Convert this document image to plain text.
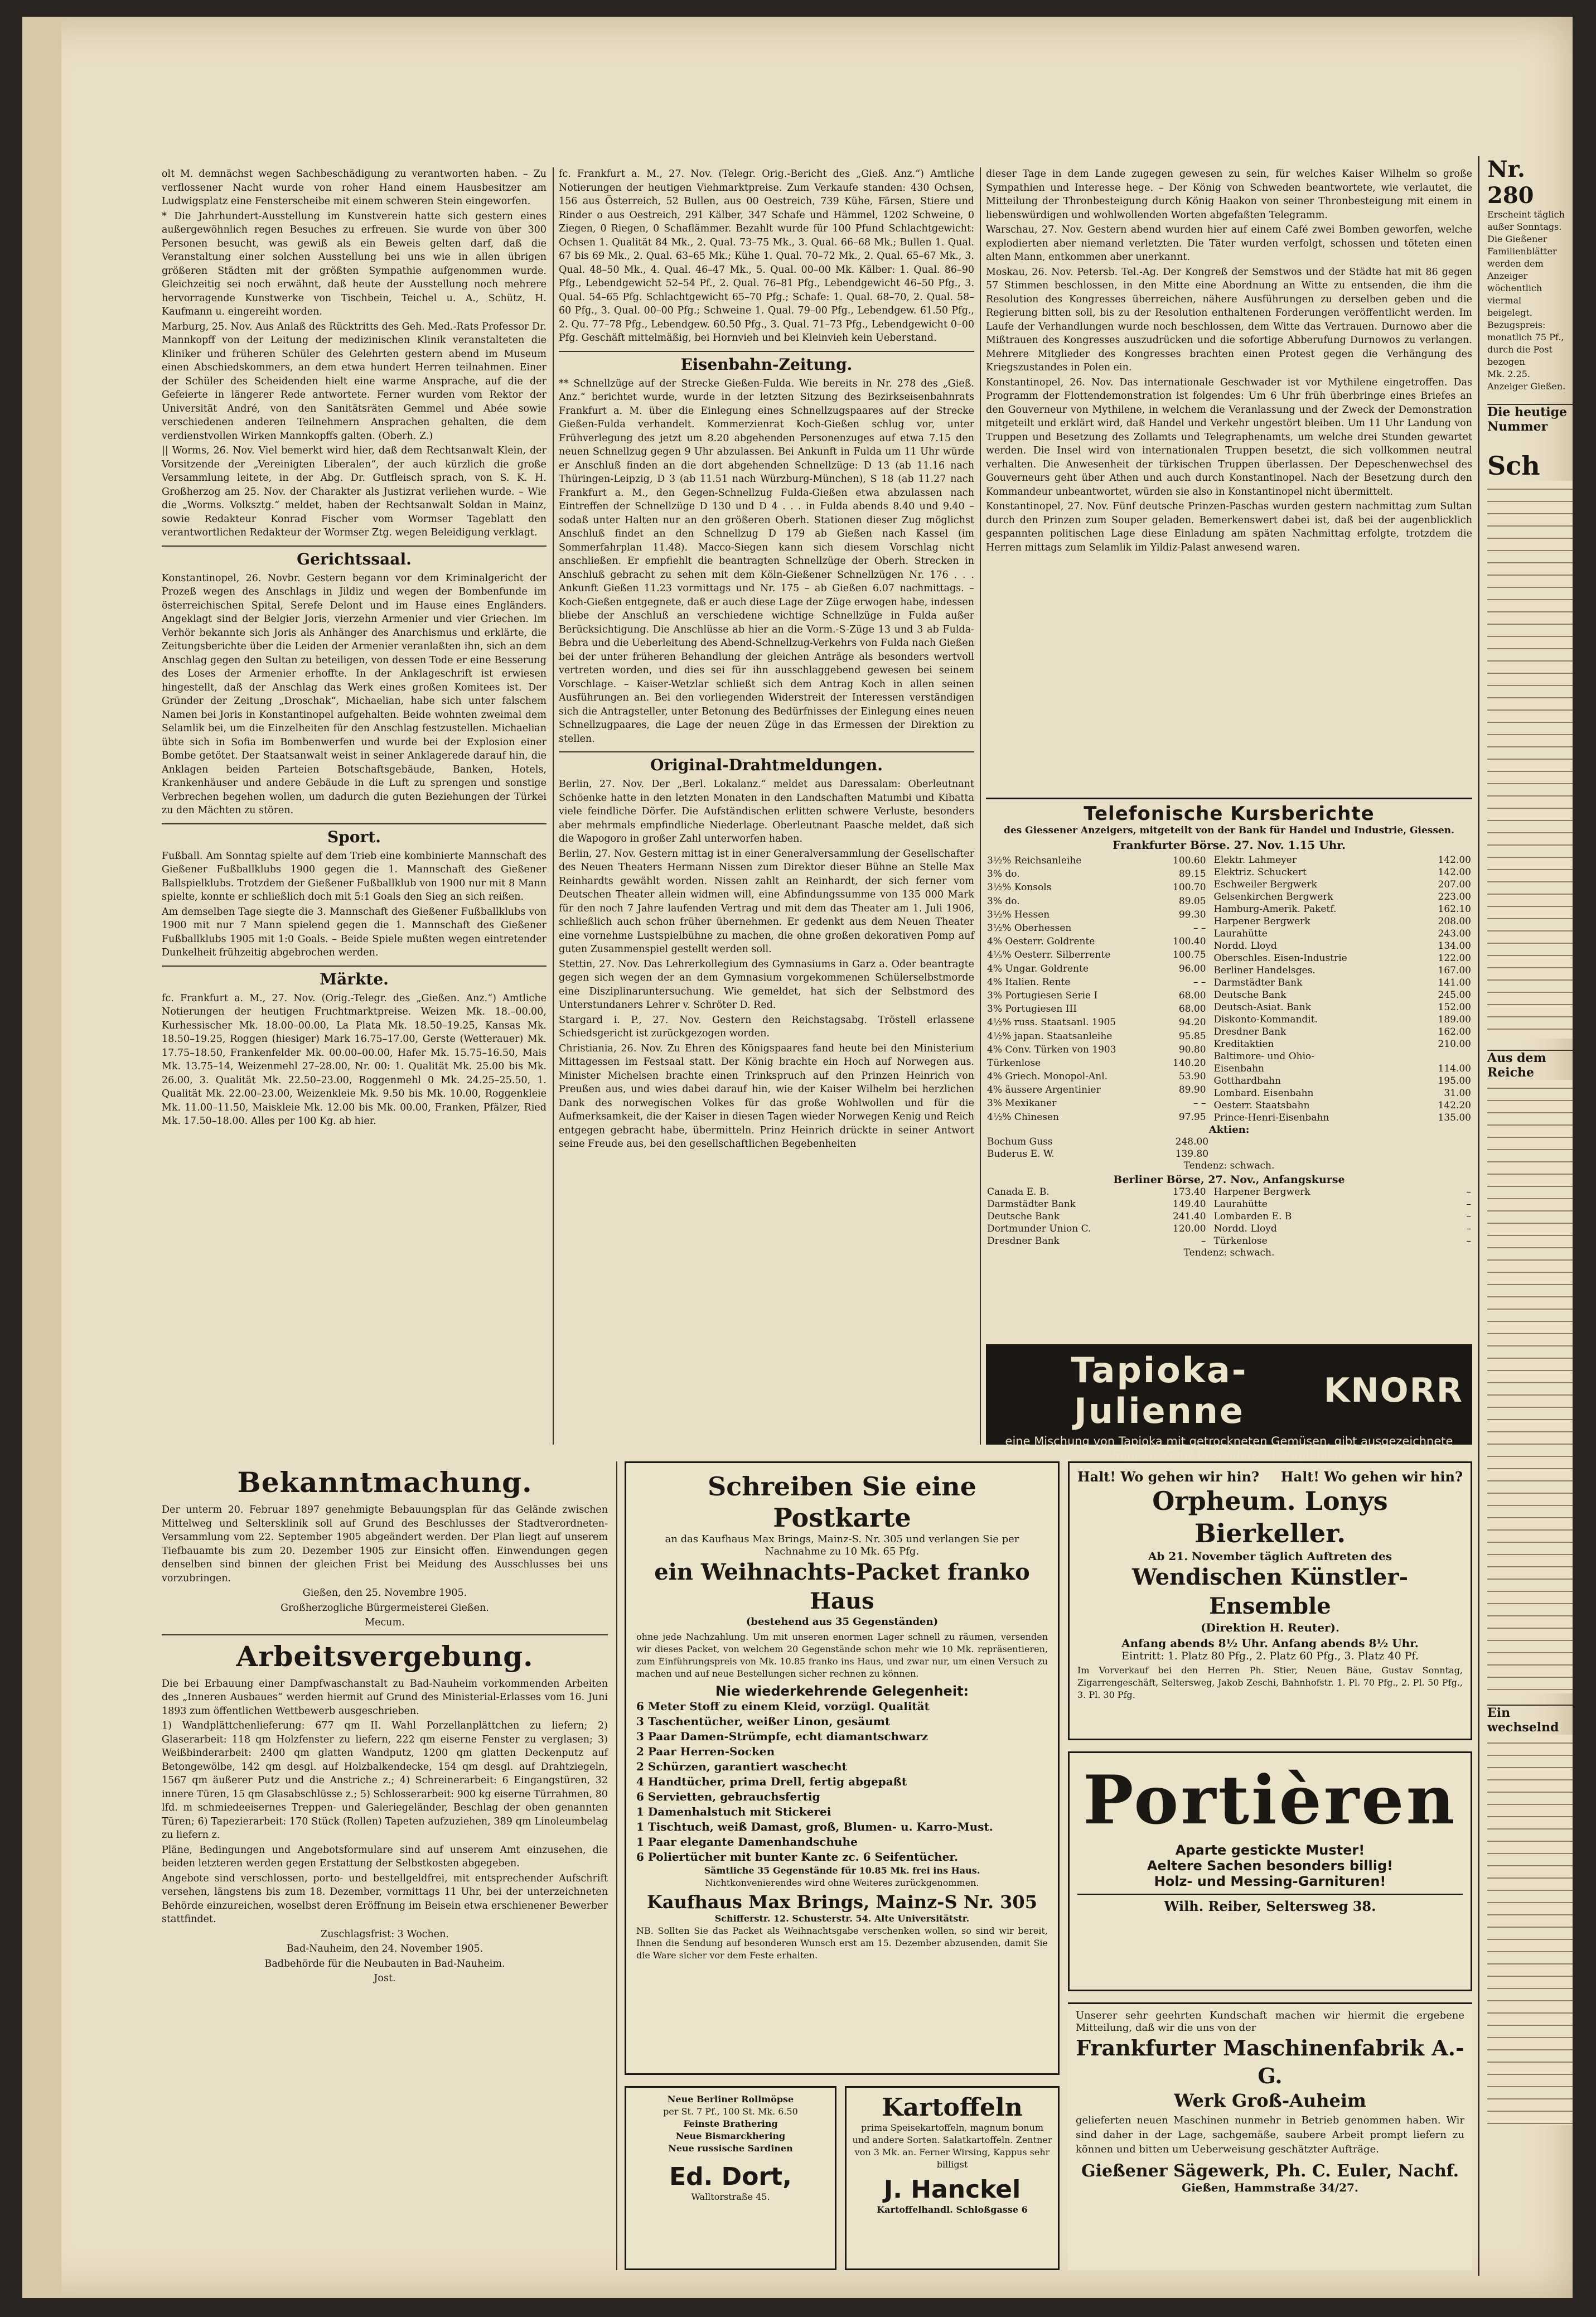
olt M. demnächst wegen Sachbeschädigung zu verantworten haben. – Zu verflossener Nacht wurde von roher Hand einem Hausbesitzer am Ludwigsplatz eine Fensterscheibe mit einem schweren Stein eingeworfen.

* Die Jahrhundert-Ausstellung im Kunstverein hatte sich gestern eines außergewöhnlich regen Besuches zu erfreuen. Sie wurde von über 300 Personen besucht, was gewiß als ein Beweis gelten darf, daß die Veranstaltung einer solchen Ausstellung bei uns wie in allen übrigen größeren Städten mit der größten Sympathie aufgenommen wurde. Gleichzeitig sei noch erwähnt, daß heute der Ausstellung noch mehrere hervorragende Kunstwerke von Tischbein, Teichel u. A., Schütz, H. Kaufmann u. eingereiht worden.

Marburg, 25. Nov. Aus Anlaß des Rücktritts des Geh. Med.-Rats Professor Dr. Mannkopff von der Leitung der medizinischen Klinik veranstalteten die Kliniker und früheren Schüler des Gelehrten gestern abend im Museum einen Abschiedskommers, an dem etwa hundert Herren teilnahmen. Einer der Schüler des Scheidenden hielt eine warme Ansprache, auf die der Gefeierte in längerer Rede antwortete. Ferner wurden vom Rektor der Universität André, von den Sanitätsräten Gemmel und Abée sowie verschiedenen anderen Teilnehmern Ansprachen gehalten, die dem verdienstvollen Wirken Mannkopffs galten. (Oberh. Z.)

|| Worms, 26. Nov. Viel bemerkt wird hier, daß dem Rechtsanwalt Klein, der Vorsitzende der „Vereinigten Liberalen“, der auch kürzlich die große Versammlung leitete, in der Abg. Dr. Gutfleisch sprach, von S. K. H. Großherzog am 25. Nov. der Charakter als Justizrat verliehen wurde. – Wie die „Worms. Volksztg.“ meldet, haben der Rechtsanwalt Soldan in Mainz, sowie Redakteur Konrad Fischer vom Wormser Tageblatt den verantwortlichen Redakteur der Wormser Ztg. wegen Beleidigung verklagt.

Gerichtssaal.

Konstantinopel, 26. Novbr. Gestern begann vor dem Kriminalgericht der Prozeß wegen des Anschlags in Jildiz und wegen der Bombenfunde im österreichischen Spital, Serefe Delont und im Hause eines Engländers. Angeklagt sind der Belgier Joris, vierzehn Armenier und vier Griechen. Im Verhör bekannte sich Joris als Anhänger des Anarchismus und erklärte, die Zeitungsberichte über die Leiden der Armenier veranlaßten ihn, sich an dem Anschlag gegen den Sultan zu beteiligen, von dessen Tode er eine Besserung des Loses der Armenier erhoffte. In der Anklageschrift ist erwiesen hingestellt, daß der Anschlag das Werk eines großen Komitees ist. Der Gründer der Zeitung „Droschak“, Michaelian, habe sich unter falschem Namen bei Joris in Konstantinopel aufgehalten. Beide wohnten zweimal dem Selamlik bei, um die Einzelheiten für den Anschlag festzustellen. Michaelian übte sich in Sofia im Bombenwerfen und wurde bei der Explosion einer Bombe getötet. Der Staatsanwalt weist in seiner Anklagerede darauf hin, die Anklagen beiden Parteien Botschaftsgebäude, Banken, Hotels, Krankenhäuser und andere Gebäude in die Luft zu sprengen und sonstige Verbrechen begehen wollen, um dadurch die guten Beziehungen der Türkei zu den Mächten zu stören.

Sport.

Fußball. Am Sonntag spielte auf dem Trieb eine kombinierte Mannschaft des Gießener Fußballklubs 1900 gegen die 1. Mannschaft des Gießener Ballspielklubs. Trotzdem der Gießener Fußballklub von 1900 nur mit 8 Mann spielte, konnte er schließlich doch mit 5:1 Goals den Sieg an sich reißen.

Am demselben Tage siegte die 3. Mannschaft des Gießener Fußballklubs von 1900 mit nur 7 Mann spielend gegen die 1. Mannschaft des Gießener Fußballklubs 1905 mit 1:0 Goals. – Beide Spiele mußten wegen eintretender Dunkelheit frühzeitig abgebrochen werden.

Märkte.

fc. Frankfurt a. M., 27. Nov. (Orig.-Telegr. des „Gießen. Anz.“) Amtliche Notierungen der heutigen Fruchtmarktpreise. Weizen Mk. 18.–00.00, Kurhessischer Mk. 18.00–00.00, La Plata Mk. 18.50–19.25, Kansas Mk. 18.50–19.25, Roggen (hiesiger) Mark 16.75–17.00, Gerste (Wetterauer) Mk. 17.75–18.50, Frankenfelder Mk. 00.00–00.00, Hafer Mk. 15.75–16.50, Mais Mk. 13.75–14, Weizenmehl 27–28.00, Nr. 00: 1. Qualität Mk. 25.00 bis Mk. 26.00, 3. Qualität Mk. 22.50–23.00, Roggenmehl 0 Mk. 24.25–25.50, 1. Qualität Mk. 22.00–23.00, Weizenkleie Mk. 9.50 bis Mk. 10.00, Roggenkleie Mk. 11.00–11.50, Maiskleie Mk. 12.00 bis Mk. 00.00, Franken, Pfälzer, Ried Mk. 17.50–18.00. Alles per 100 Kg. ab hier.

fc. Frankfurt a. M., 27. Nov. (Telegr. Orig.-Bericht des „Gieß. Anz.“) Amtliche Notierungen der heutigen Viehmarktpreise. Zum Verkaufe standen: 430 Ochsen, 156 aus Österreich, 52 Bullen, aus 00 Oestreich, 739 Kühe, Färsen, Stiere und Rinder o aus Oestreich, 291 Kälber, 347 Schafe und Hämmel, 1202 Schweine, 0 Ziegen, 0 Riegen, 0 Schaflämmer. Bezahlt wurde für 100 Pfund Schlachtgewicht: Ochsen 1. Qualität 84 Mk., 2. Qual. 73–75 Mk., 3. Qual. 66–68 Mk.; Bullen 1. Qual. 67 bis 69 Mk., 2. Qual. 63–65 Mk.; Kühe 1. Qual. 70–72 Mk., 2. Qual. 65–67 Mk., 3. Qual. 48–50 Mk., 4. Qual. 46–47 Mk., 5. Qual. 00–00 Mk. Kälber: 1. Qual. 86–90 Pfg., Lebendgewicht 52–54 Pf., 2. Qual. 76–81 Pfg., Lebendgewicht 46–50 Pfg., 3. Qual. 54–65 Pfg. Schlachtgewicht 65–70 Pfg.; Schafe: 1. Qual. 68–70, 2. Qual. 58–60 Pfg., 3. Qual. 00–00 Pfg.; Schweine 1. Qual. 79–00 Pfg., Lebendgew. 61.50 Pfg., 2. Qu. 77–78 Pfg., Lebendgew. 60.50 Pfg., 3. Qual. 71–73 Pfg., Lebendgewicht 0–00 Pfg. Geschäft mittelmäßig, bei Hornvieh und bei Kleinvieh kein Ueberstand.

Eisenbahn-Zeitung.

** Schnellzüge auf der Strecke Gießen-Fulda. Wie bereits in Nr. 278 des „Gieß. Anz.“ berichtet wurde, wurde in der letzten Sitzung des Bezirkseisenbahnrats Frankfurt a. M. über die Einlegung eines Schnellzugspaares auf der Strecke Gießen-Fulda verhandelt. Kommerzienrat Koch-Gießen schlug vor, unter Frühverlegung des jetzt um 8.20 abgehenden Personenzuges auf etwa 7.15 den neuen Schnellzug gegen 9 Uhr abzulassen. Bei Ankunft in Fulda um 11 Uhr würde er Anschluß finden an die dort abgehenden Schnellzüge: D 13 (ab 11.16 nach Thüringen-Leipzig, D 3 (ab 11.51 nach Würzburg-München), S 18 (ab 11.27 nach Frankfurt a. M., den Gegen-Schnellzug Fulda-Gießen etwa abzulassen nach Eintreffen der Schnellzüge D 130 und D 4 . . . in Fulda abends 8.40 und 9.40 – sodaß unter Halten nur an den größeren Oberh. Stationen dieser Zug möglichst Anschluß findet an den Schnellzug D 179 ab Gießen nach Kassel (im Sommerfahrplan 11.48). Macco-Siegen kann sich diesem Vorschlag nicht anschließen. Er empfiehlt die beantragten Schnellzüge der Oberh. Strecken in Anschluß gebracht zu sehen mit dem Köln-Gießener Schnellzügen Nr. 176 . . . Ankunft Gießen 11.23 vormittags und Nr. 175 – ab Gießen 6.07 nachmittags. – Koch-Gießen entgegnete, daß er auch diese Lage der Züge erwogen habe, indessen bliebe der Anschluß an verschiedene wichtige Schnellzüge in Fulda außer Berücksichtigung. Die Anschlüsse ab hier an die Vorm.-S-Züge 13 und 3 ab Fulda-Bebra und die Ueberleitung des Abend-Schnellzug-Verkehrs von Fulda nach Gießen bei der unter früheren Behandlung der gleichen Anträge als besonders wertvoll vertreten worden, und dies sei für ihn ausschlaggebend gewesen bei seinem Vorschlage. – Kaiser-Wetzlar schließt sich dem Antrag Koch in allen seinen Ausführungen an. Bei den vorliegenden Widerstreit der Interessen verständigen sich die Antragsteller, unter Betonung des Bedürfnisses der Einlegung eines neuen Schnellzugpaares, die Lage der neuen Züge in das Ermessen der Direktion zu stellen.

Original-Drahtmeldungen.

Berlin, 27. Nov. Der „Berl. Lokalanz.“ meldet aus Daressalam: Oberleutnant Schöenke hatte in den letzten Monaten in den Landschaften Matumbi und Kibatta viele feindliche Dörfer. Die Aufständischen erlitten schwere Verluste, besonders aber mehrmals empfindliche Niederlage. Oberleutnant Paasche meldet, daß sich die Wapogoro in großer Zahl unterworfen haben.

Berlin, 27. Nov. Gestern mittag ist in einer Generalversammlung der Gesellschafter des Neuen Theaters Hermann Nissen zum Direktor dieser Bühne an Stelle Max Reinhardts gewählt worden. Nissen zahlt an Reinhardt, der sich ferner vom Deutschen Theater allein widmen will, eine Abfindungssumme von 135 000 Mark für den noch 7 Jahre laufenden Vertrag und mit dem das Theater am 1. Juli 1906, schließlich auch schon früher übernehmen. Er gedenkt aus dem Neuen Theater eine vornehme Lustspielbühne zu machen, die ohne großen dekorativen Pomp auf guten Zusammenspiel gestellt werden soll.

Stettin, 27. Nov. Das Lehrerkollegium des Gymnasiums in Garz a. Oder beantragte gegen sich wegen der an dem Gymnasium vorgekommenen Schülerselbstmorde eine Disziplinaruntersuchung. Wie gemeldet, hat sich der Selbstmord des Unterstundaners Lehrer v. Schröter D. Red.

Stargard i. P., 27. Nov. Gestern den Reichstagsabg. Tröstell erlassene Schiedsgericht ist zurückgezogen worden.

Christiania, 26. Nov. Zu Ehren des Königspaares fand heute bei den Ministerium Mittagessen im Festsaal statt. Der König brachte ein Hoch auf Norwegen aus. Minister Michelsen brachte einen Trinkspruch auf den Prinzen Heinrich von Preußen aus, und wies dabei darauf hin, wie der Kaiser Wilhelm bei herzlichen Dank des norwegischen Volkes für das große Wohlwollen und für die Aufmerksamkeit, die der Kaiser in diesen Tagen wieder Norwegen Kenig und Reich entgegen gebracht habe, übermitteln. Prinz Heinrich drückte in seiner Antwort seine Freude aus, bei den gesellschaftlichen Begebenheiten

dieser Tage in dem Lande zugegen gewesen zu sein, für welches Kaiser Wilhelm so große Sympathien und Interesse hege. – Der König von Schweden beantwortete, wie verlautet, die Mitteilung der Thronbesteigung durch König Haakon von seiner Thronbesteigung mit einem in liebenswürdigen und wohlwollenden Worten abgefaßten Telegramm.

Warschau, 27. Nov. Gestern abend wurden hier auf einem Café zwei Bomben geworfen, welche explodierten aber niemand verletzten. Die Täter wurden verfolgt, schossen und töteten einen alten Mann, entkommen aber unerkannt.

Moskau, 26. Nov. Petersb. Tel.-Ag. Der Kongreß der Semstwos und der Städte hat mit 86 gegen 57 Stimmen beschlossen, in den Mitte eine Abordnung an Witte zu entsenden, die ihm die Resolution des Kongresses überreichen, nähere Ausführungen zu derselben geben und die Regierung bitten soll, bis zu der Resolution enthaltenen Forderungen veröffentlicht werden. Im Laufe der Verhandlungen wurde noch beschlossen, dem Witte das Vertrauen. Durnowo aber die Mißtrauen des Kongresses auszudrücken und die sofortige Abberufung Durnowos zu verlangen. Mehrere Mitglieder des Kongresses brachten einen Protest gegen die Verhängung des Kriegszustandes in Polen ein.

Konstantinopel, 26. Nov. Das internationale Geschwader ist vor Mythilene eingetroffen. Das Programm der Flottendemonstration ist folgendes: Um 6 Uhr früh überbringe eines Briefes an den Gouverneur von Mythilene, in welchem die Veranlassung und der Zweck der Demonstration mitgeteilt und erklärt wird, daß Handel und Verkehr ungestört bleiben. Um 11 Uhr Landung von Truppen und Besetzung des Zollamts und Telegraphenamts, um welche drei Stunden gewartet werden. Die Insel wird von internationalen Truppen besetzt, die sich vollkommen neutral verhalten. Die Anwesenheit der türkischen Truppen überlassen. Der Depeschenwechsel des Gouverneurs geht über Athen und auch durch Konstantinopel. Nach der Besetzung durch den Kommandeur unbeantwortet, würden sie also in Konstantinopel nicht übermittelt.

Konstantinopel, 27. Nov. Fünf deutsche Prinzen-Paschas wurden gestern nachmittag zum Sultan durch den Prinzen zum Souper geladen. Bemerkenswert dabei ist, daß bei der augenblicklich gespannten politischen Lage diese Einladung am späten Nachmittag erfolgte, trotzdem die Herren mittags zum Selamlik im Yildiz-Palast anwesend waren.

Telefonische Kursberichte
des Giessener Anzeigers, mitgeteilt von der Bank für Handel und Industrie, Giessen.
Frankfurter Börse. 27. Nov. 1.15 Uhr.
3½% Reichsanleihe	100.60
3% do.	89.15
3½% Konsols	100.70
3% do.	89.05
3½% Hessen	99.30
3½% Oberhessen	– –
4% Oesterr. Goldrente	100.40
4⅕% Oesterr. Silberrente	100.75
4% Ungar. Goldrente	96.00
4% Italien. Rente	– –
3% Portugiesen Serie I	68.00
3% Portugiesen III	68.00
4½% russ. Staatsanl. 1905	94.20
4½% japan. Staatsanleihe	95.85
4% Conv. Türken von 1903	90.80
Türkenlose	140.20
4% Griech. Monopol-Anl.	53.90
4% äussere Argentinier	89.90
3% Mexikaner	– –
4½% Chinesen	97.95
Elektr. Lahmeyer	142.00
Elektriz. Schuckert	142.00
Eschweiler Bergwerk	207.00
Gelsenkirchen Bergwerk	223.00
Hamburg-Amerik. Paketf.	162.10
Harpener Bergwerk	208.00
Laurahütte	243.00
Nordd. Lloyd	134.00
Oberschles. Eisen-Industrie	122.00
Berliner Handelsges.	167.00
Darmstädter Bank	141.00
Deutsche Bank	245.00
Deutsch-Asiat. Bank	152.00
Diskonto-Kommandit.	189.00
Dresdner Bank	162.00
Kreditaktien	210.00
Baltimore- und Ohio-	
Eisenbahn	114.00
Gotthardbahn	195.00
Lombard. Eisenbahn	31.00
Oesterr. Staatsbahn	142.20
Prince-Henri-Eisenbahn	135.00
Aktien:
Bochum Guss	248.00
Buderus E. W.	139.80
Tendenz: schwach.
Berliner Börse, 27. Nov., Anfangskurse
Canada E. B.	173.40
Darmstädter Bank	149.40
Deutsche Bank	241.40
Dortmunder Union C.	120.00
Dresdner Bank	–
Harpener Bergwerk	–
Laurahütte	–
Lombarden E. B	–
Nordd. Lloyd	–
Türkenlose	–
Tendenz: schwach.
Tapioka-Julienne	KNORR
eine Mischung von Tapioka mit getrockneten Gemüsen, gibt ausgezeichnete Suppen. Ganz besonders zu empfehlen.
Bekanntmachung.

Der unterm 20. Februar 1897 genehmigte Bebauungsplan für das Gelände zwischen Mittelweg und Seltersklinik soll auf Grund des Beschlusses der Stadtverordneten-Versammlung vom 22. September 1905 abgeändert werden. Der Plan liegt auf unserem Tiefbauamte bis zum 20. Dezember 1905 zur Einsicht offen. Einwendungen gegen denselben sind binnen der gleichen Frist bei Meidung des Ausschlusses bei uns vorzubringen.

Gießen, den 25. Novembre 1905.

Großherzogliche Bürgermeisterei Gießen.

Mecum.

Arbeitsvergebung.

Die bei Erbauung einer Dampfwaschanstalt zu Bad-Nauheim vorkommenden Arbeiten des „Inneren Ausbaues“ werden hiermit auf Grund des Ministerial-Erlasses vom 16. Juni 1893 zum öffentlichen Wettbewerb ausgeschrieben.

1) Wandplättchenlieferung: 677 qm II. Wahl Porzellanplättchen zu liefern; 2) Glaserarbeit: 118 qm Holzfenster zu liefern, 222 qm eiserne Fenster zu verglasen; 3) Weißbinderarbeit: 2400 qm glatten Wandputz, 1200 qm glatten Deckenputz auf Betongewölbe, 142 qm desgl. auf Holzbalkendecke, 154 qm desgl. auf Drahtziegeln, 1567 qm äußerer Putz und die Anstriche z.; 4) Schreinerarbeit: 6 Eingangstüren, 32 innere Türen, 15 qm Glasabschlüsse z.; 5) Schlosserarbeit: 900 kg eiserne Türrahmen, 80 lfd. m schmiedeeisernes Treppen- und Galeriegeländer, Beschlag der oben genannten Türen; 6) Tapezierarbeit: 170 Stück (Rollen) Tapeten aufzuziehen, 389 qm Linoleumbelag zu liefern z.

Pläne, Bedingungen und Angebotsformulare sind auf unserem Amt einzusehen, die beiden letzteren werden gegen Erstattung der Selbstkosten abgegeben.

Angebote sind verschlossen, porto- und bestellgeldfrei, mit entsprechender Aufschrift versehen, längstens bis zum 18. Dezember, vormittags 11 Uhr, bei der unterzeichneten Behörde einzureichen, woselbst deren Eröffnung im Beisein etwa erschienener Bewerber stattfindet.

Zuschlagsfrist: 3 Wochen.

Bad-Nauheim, den 24. November 1905.

Badbehörde für die Neubauten in Bad-Nauheim.

Jost.

Schreiben Sie eine Postkarte
an das Kaufhaus Max Brings, Mainz-S. Nr. 305 und verlangen Sie per Nachnahme zu 10 Mk. 65 Pfg.
ein Weihnachts-Packet franko Haus
(bestehend aus 35 Gegenständen)
ohne jede Nachzahlung. Um mit unseren enormen Lager schnell zu räumen, versenden wir dieses Packet, von welchem 20 Gegenstände schon mehr wie 10 Mk. repräsentieren, zum Einführungspreis von Mk. 10.85 franko ins Haus, und zwar nur, um einen Versuch zu machen und auf neue Bestellungen sicher rechnen zu können.
Nie wiederkehrende Gelegenheit:
6 Meter Stoff zu einem Kleid, vorzügl. Qualität
3 Taschentücher, weißer Linon, gesäumt
3 Paar Damen-Strümpfe, echt diamantschwarz
2 Paar Herren-Socken
2 Schürzen, garantiert waschecht
4 Handtücher, prima Drell, fertig abgepaßt
6 Servietten, gebrauchsfertig
1 Damenhalstuch mit Stickerei
1 Tischtuch, weiß Damast, groß, Blumen- u. Karro-Must.
1 Paar elegante Damenhandschuhe
6 Poliertücher mit bunter Kante zc. 6 Seifentücher.
Sämtliche 35 Gegenstände für 10.85 Mk. frei ins Haus.
Nichtkonvenierendes wird ohne Weiteres zurückgenommen.
Kaufhaus Max Brings, Mainz-S Nr. 305
Schifferstr. 12. Schusterstr. 54. Alte Universitätstr.
NB. Sollten Sie das Packet als Weihnachtsgabe verschenken wollen, so sind wir bereit, Ihnen die Sendung auf besonderen Wunsch erst am 15. Dezember abzusenden, damit Sie die Ware sicher vor dem Feste erhalten.
Neue Berliner Rollmöpse
per St. 7 Pf., 100 St. Mk. 6.50
Feinste Brathering
Neue Bismarckhering
Neue russische Sardinen
Ed. Dort,
Walltorstraße 45.
Kartoffeln
prima Speisekartoffeln, magnum bonum und andere Sorten. Salatkartoffeln. Zentner von 3 Mk. an. Ferner Wirsing, Kappus sehr billigst
J. Hanckel
Kartoffelhandl. Schloßgasse 6
Halt! Wo gehen wir hin? Halt! Wo gehen wir hin?
Orpheum. Lonys Bierkeller.
Ab 21. November täglich Auftreten des
Wendischen Künstler-Ensemble
(Direktion H. Reuter).
Anfang abends 8½ Uhr. Anfang abends 8½ Uhr.
Eintritt: 1. Platz 80 Pfg., 2. Platz 60 Pfg., 3. Platz 40 Pf.
Im Vorverkauf bei den Herren Ph. Stier, Neuen Bäue, Gustav Sonntag, Zigarrengeschäft, Seltersweg, Jakob Zeschi, Bahnhofstr. 1. Pl. 70 Pfg., 2. Pl. 50 Pfg., 3. Pl. 30 Pfg.
Portièren
Aparte gestickte Muster!
Aeltere Sachen besonders billig!
Holz- und Messing-Garnituren!
Wilh. Reiber, Seltersweg 38.
Unserer sehr geehrten Kundschaft machen wir hiermit die ergebene Mitteilung, daß wir die uns von der
Frankfurter Maschinenfabrik A.-G.
Werk Groß-Auheim
gelieferten neuen Maschinen nunmehr in Betrieb genommen haben. Wir sind daher in der Lage, sachgemäße, saubere Arbeit prompt liefern zu können und bitten um Ueberweisung geschätzter Aufträge.
Gießener Sägewerk, Ph. C. Euler, Nachf.
Gießen, Hammstraße 34/27.
Nr. 280
Erscheint täglich
außer Sonntags.
Die Gießener Familienblätter
werden dem Anzeiger
wöchentlich viermal
beigelegt.
Bezugspreis:
monatlich 75 Pf.,
durch die Post bezogen
Mk. 2.25.
Anzeiger Gießen.
Die heutige Nummer
Sch
Aus dem Reiche
Ein wechselnd
